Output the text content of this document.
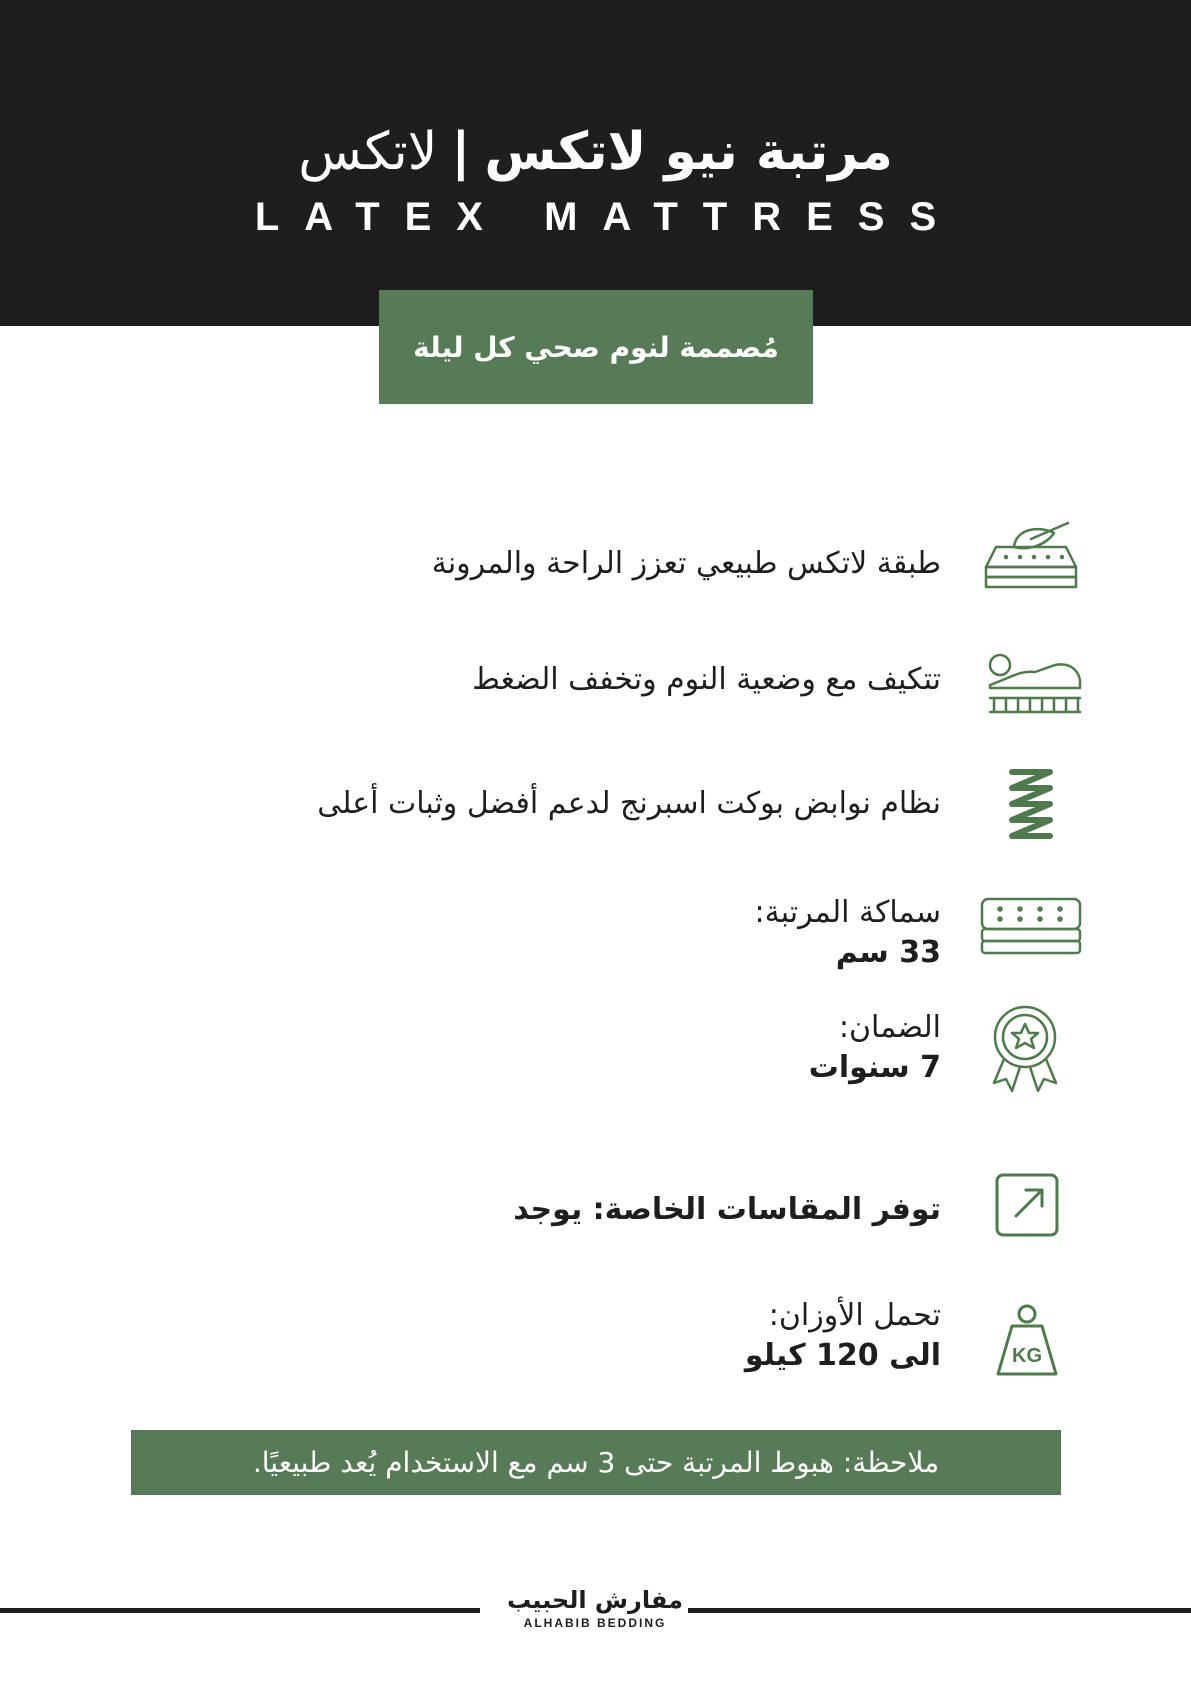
مرتبة نيو لاتكس|لاتكس
LATEX MATTRESS
مُصممة لنوم صحي كل ليلة
طبقة لاتكس طبيعي تعزز الراحة والمرونة
تتكيف مع وضعية النوم وتخفف الضغط
نظام نوابض بوكت اسبرنج لدعم أفضل وثبات أعلى
سماكة المرتبة:
33 سم
الضمان:
7 سنوات
توفر المقاسات الخاصة: يوجد
KG
تحمل الأوزان:
الى 120 كيلو
ملاحظة: هبوط المرتبة حتى 3 سم مع الاستخدام يُعد طبيعيًا.
مفارش الحبيب
ALHABIB BEDDING
